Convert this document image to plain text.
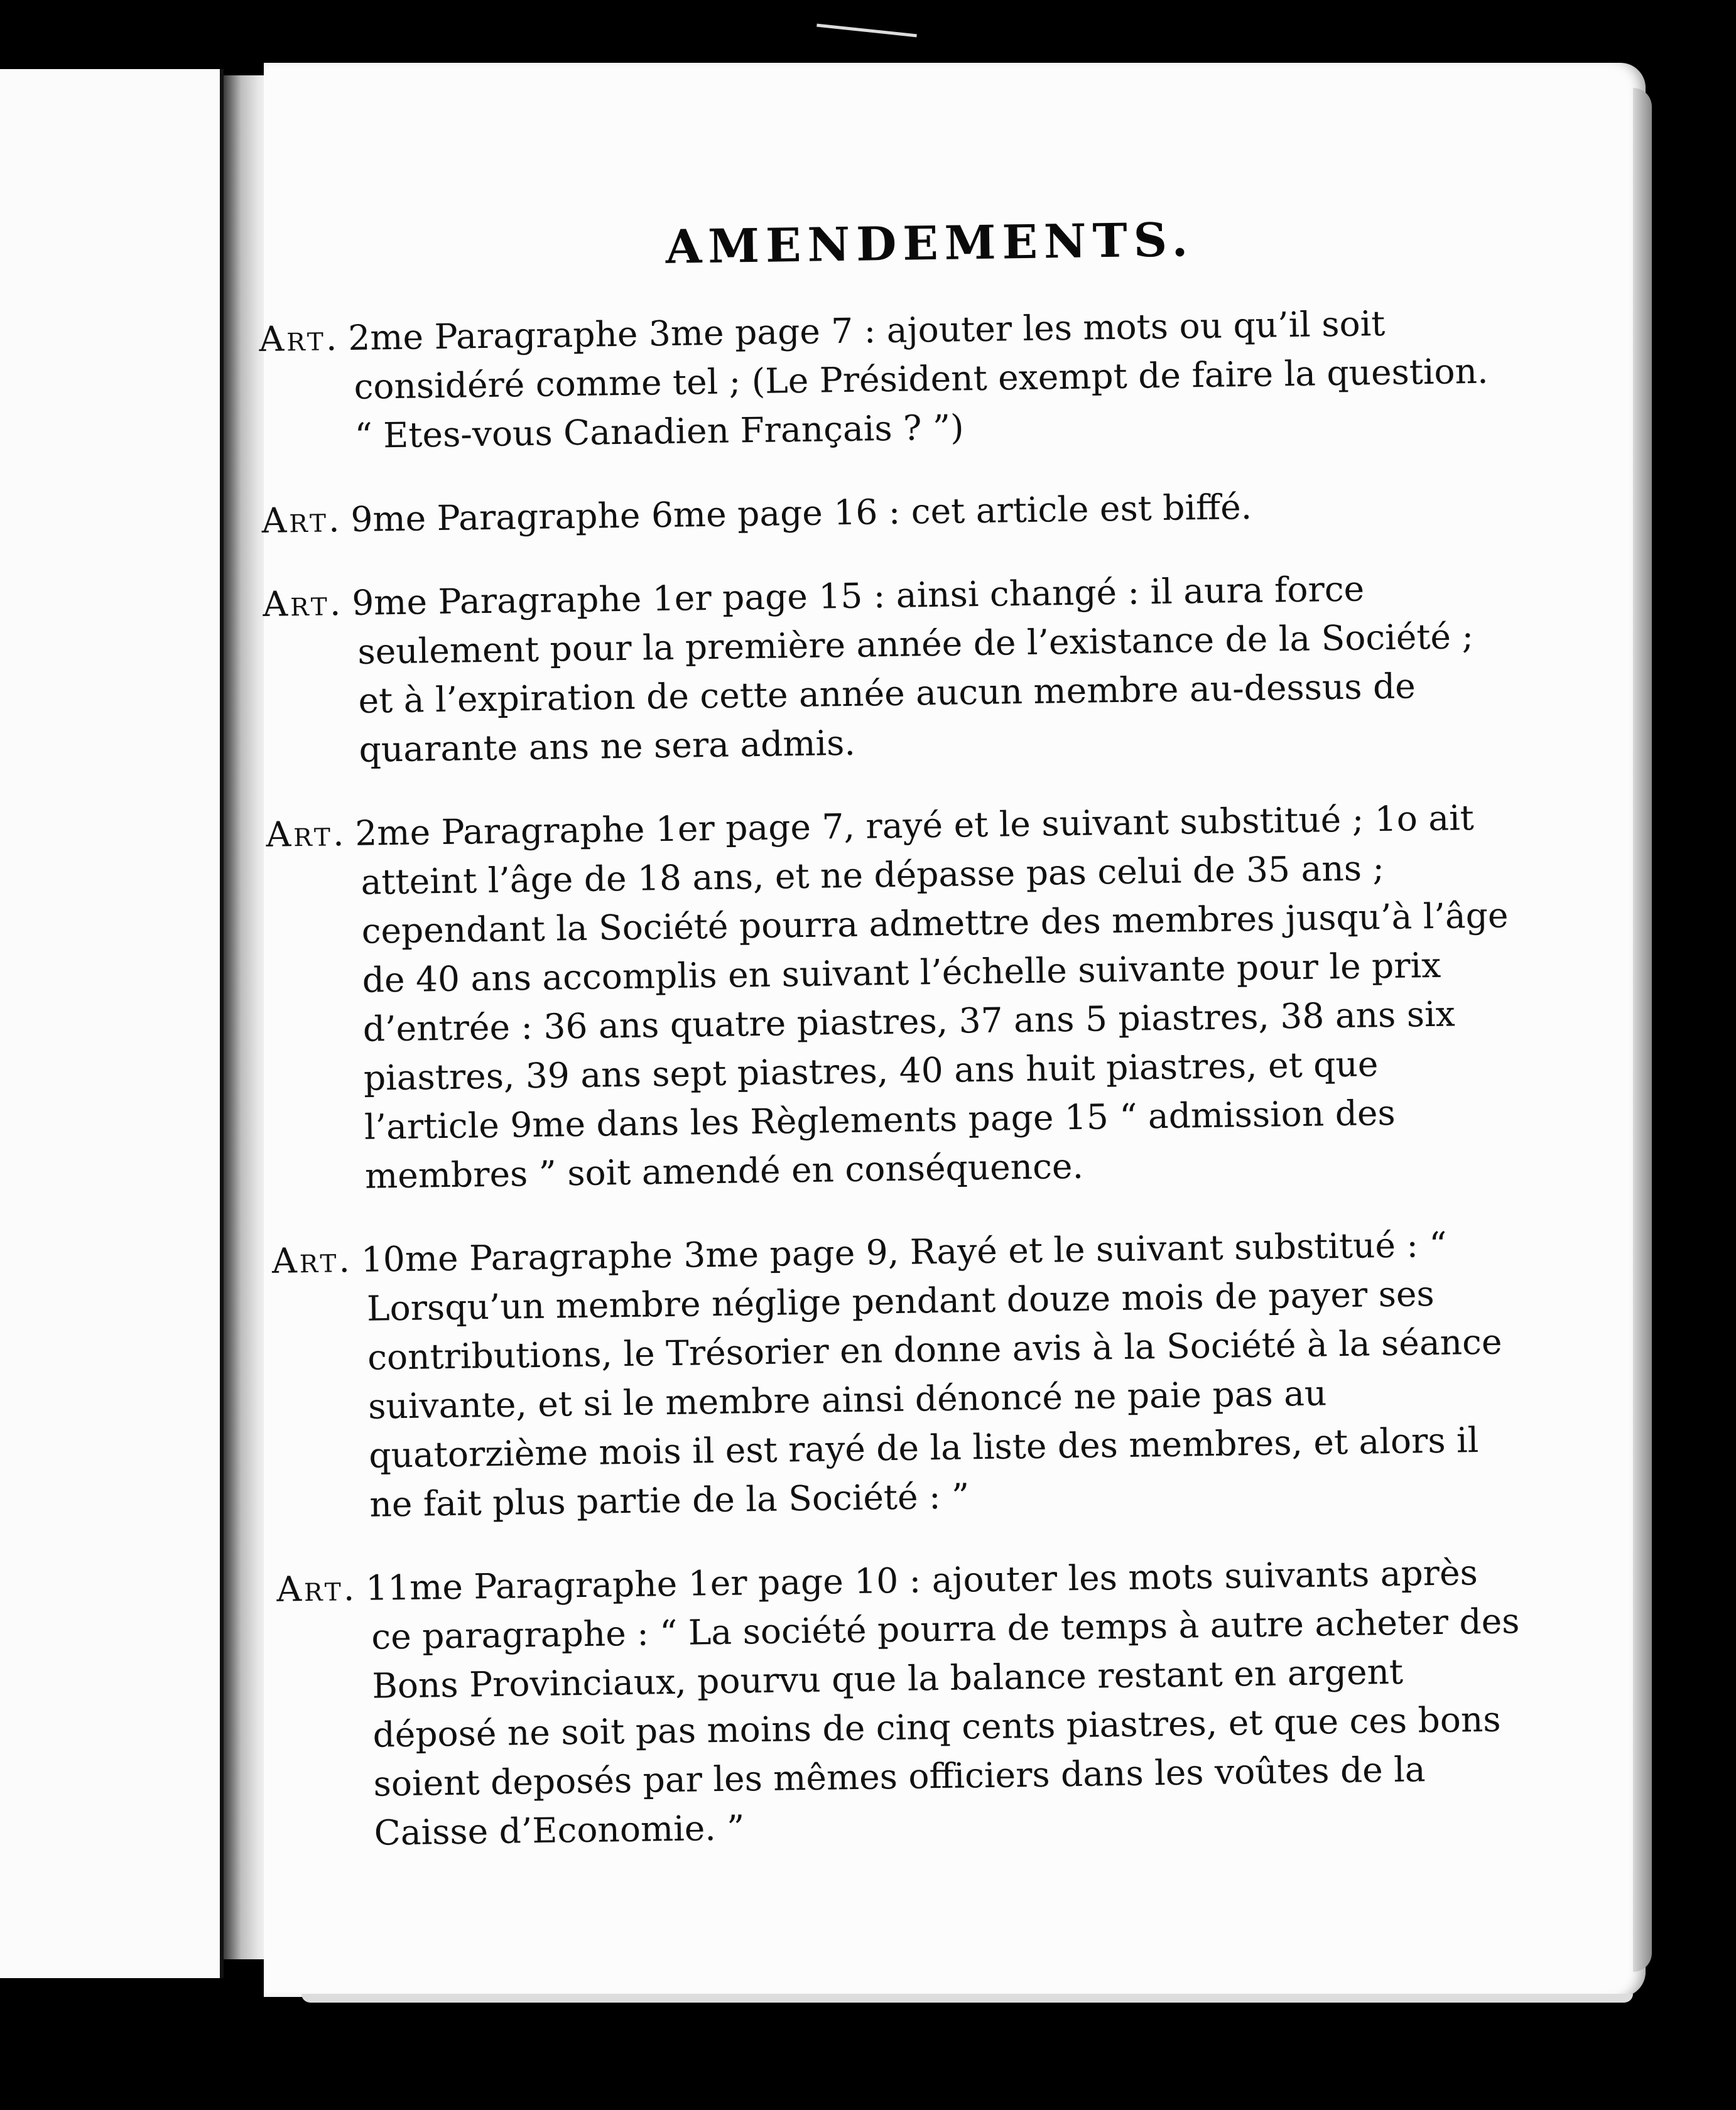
AMENDEMENTS.

Art. 2me Paragraphe 3me page 7 : ajouter les mots ou qu’il soit considéré comme tel ; (Le Président exempt de faire la question. “ Etes-vous Canadien Français ? ”)

Art. 9me Paragraphe 6me page 16 : cet article est biffé.

Art. 9me Paragraphe 1er page 15 : ainsi changé : il aura force seulement pour la première année de l’existance de la Société ; et à l’expiration de cette année aucun membre au-dessus de quarante ans ne sera admis.

Art. 2me Paragraphe 1er page 7, rayé et le suivant substitué ; 1o ait atteint l’âge de 18 ans, et ne dépasse pas celui de 35 ans ; cependant la Société pourra admettre des membres jusqu’à l’âge de 40 ans accomplis en suivant l’échelle suivante pour le prix d’entrée : 36 ans quatre piastres, 37 ans 5 piastres, 38 ans six piastres, 39 ans sept piastres, 40 ans huit piastres, et que l’article 9me dans les Règlements page 15 “ admission des membres ” soit amendé en conséquence.

Art. 10me Paragraphe 3me page 9, Rayé et le suivant substitué : “ Lorsqu’un membre néglige pendant douze mois de payer ses contributions, le Trésorier en donne avis à la Société à la séance suivante, et si le membre ainsi dénoncé ne paie pas au quatorzième mois il est rayé de la liste des membres, et alors il ne fait plus partie de la Société : ”

Art. 11me Paragraphe 1er page 10 : ajouter les mots suivants après ce paragraphe : “ La société pourra de temps à autre acheter des Bons Provinciaux, pourvu que la balance restant en argent déposé ne soit pas moins de cinq cents piastres, et que ces bons soient deposés par les mêmes officiers dans les voûtes de la Caisse d’Economie. ”
